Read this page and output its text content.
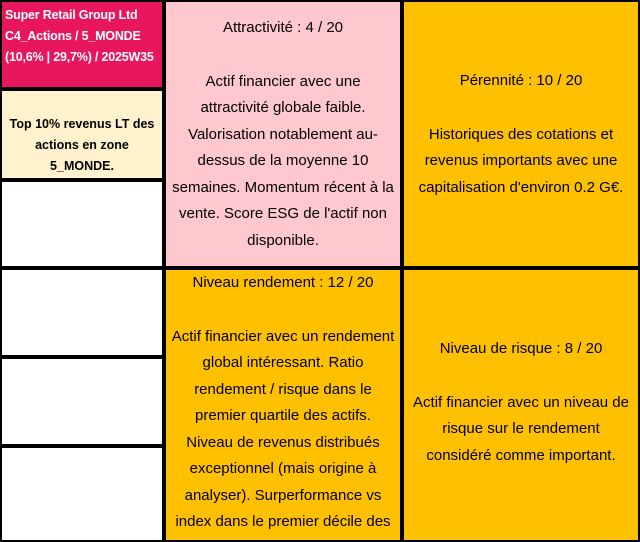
Super Retail Group Ltd
C4_Actions / 5_MONDE
(10,6% | 29,7%) / 2025W35
Top 10% revenus LT des actions en zone 5_MONDE.
Attractivité : 4 / 20
Actif financier avec une attractivité globale faible. Valorisation notablement au-dessus de la moyenne 10 semaines. Momentum récent à la vente. Score ESG de l'actif non disponible.
Pérennité : 10 / 20
Historiques des cotations et revenus importants avec une capitalisation d'environ 0.2 G€.
Niveau rendement : 12 / 20
Actif financier avec un rendement global intéressant. Ratio rendement / risque dans le premier quartile des actifs. Niveau de revenus distribués exceptionnel (mais origine à analyser). Surperformance vs index dans le premier décile des
Niveau de risque : 8 / 20
Actif financier avec un niveau de risque sur le rendement considéré comme important.
